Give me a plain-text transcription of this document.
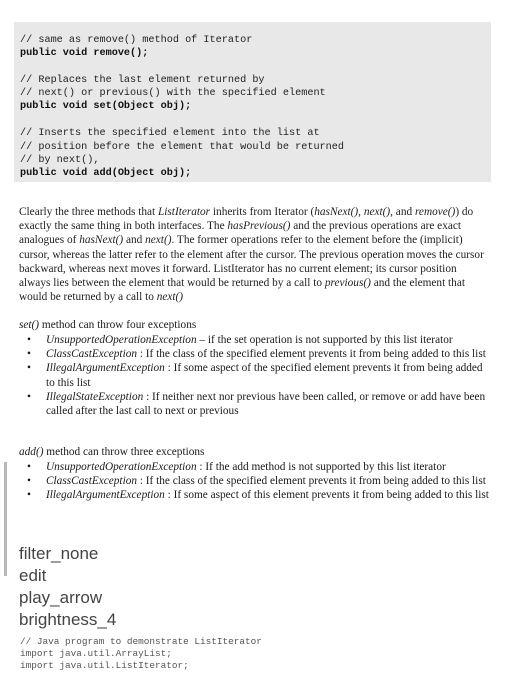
// same as remove() method of Iterator
public void remove();
// Replaces the last element returned by
// next() or previous() with the specified element
public void set(Object obj);
// Inserts the specified element into the list at
// position before the element that would be returned
// by next(),
public void add(Object obj);

Clearly the three methods that ListIterator inherits from Iterator (hasNext(), next(), and remove()) do exactly the same thing in both interfaces. The hasPrevious() and the previous operations are exact analogues of hasNext() and next(). The former operations refer to the element before the (implicit) cursor, whereas the latter refer to the element after the cursor. The previous operation moves the cursor backward, whereas next moves it forward. ListIterator has no current element; its cursor position always lies between the element that would be returned by a call to previous() and the element that would be returned by a call to next()

set() method can throw four exceptions
• UnsupportedOperationException – if the set operation is not supported by this list iterator
• ClassCastException : If the class of the specified element prevents it from being added to this list
• IllegalArgumentException : If some aspect of the specified element prevents it from being added to this list
• IllegalStateException : If neither next nor previous have been called, or remove or add have been called after the last call to next or previous
add() method can throw three exceptions
• UnsupportedOperationException : If the add method is not supported by this list iterator
• ClassCastException : If the class of the specified element prevents it from being added to this list
• IllegalArgumentException : If some aspect of this element prevents it from being added to this list
filter_none
edit
play_arrow
brightness_4
// Java program to demonstrate ListIterator
import java.util.ArrayList;
import java.util.ListIterator;
